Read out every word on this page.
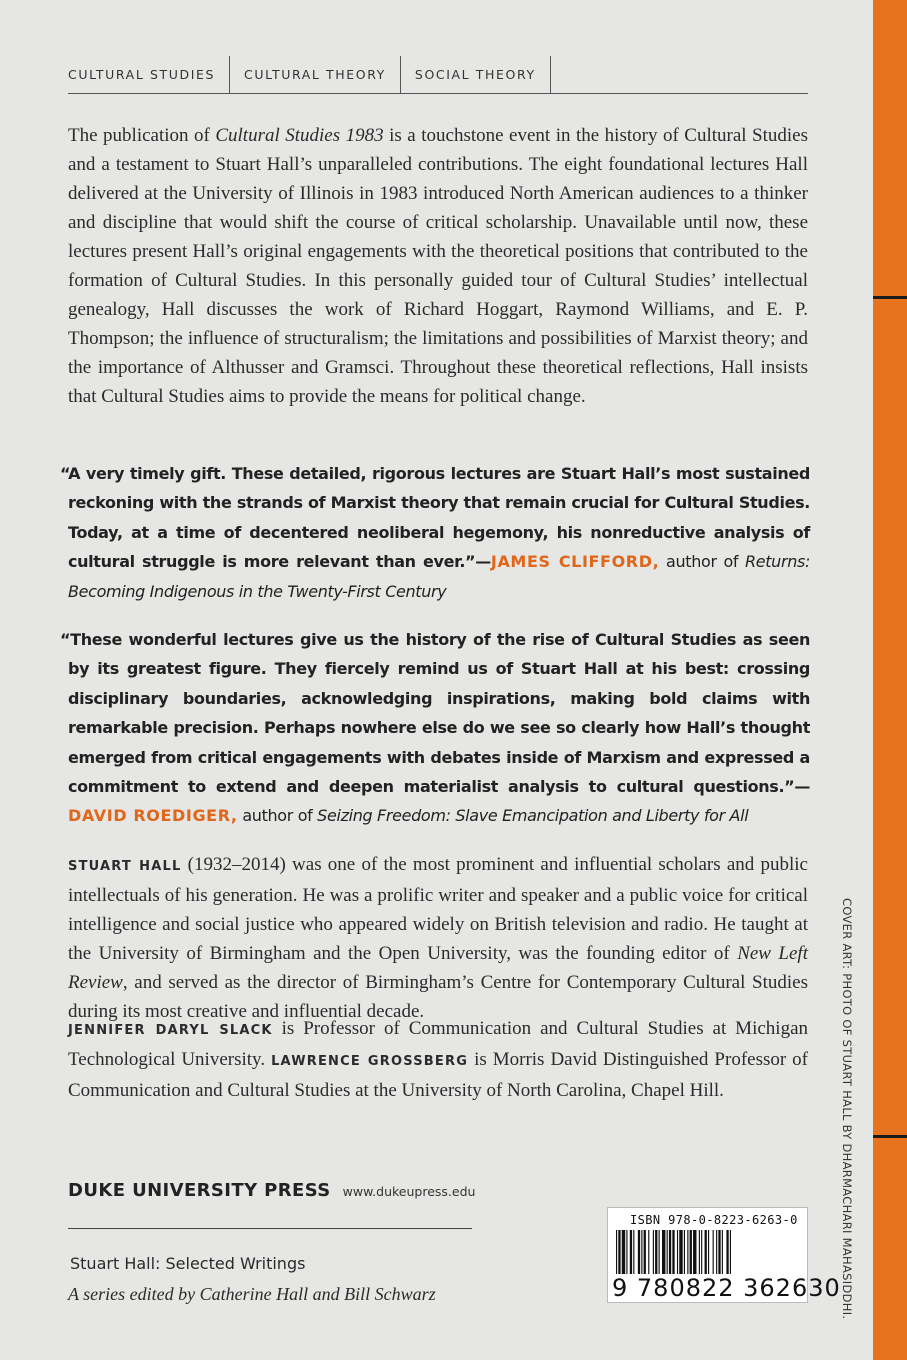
COVER ART: PHOTO OF STUART HALL BY DHARMACHARI MAHASIDDHI.
CULTURAL STUDIES	CULTURAL THEORY	SOCIAL THEORY

The publication of Cultural Studies 1983 is a touchstone event in the history of Cultural Studies and a testament to Stuart Hall’s unparalleled contributions. The eight foundational lectures Hall delivered at the University of Illinois in 1983 introduced North American audiences to a thinker and discipline that would shift the course of critical scholarship. Unavailable until now, these lectures present Hall’s original engagements with the theoretical positions that contributed to the formation of Cultural Studies. In this personally guided tour of Cultural Studies’ intellectual genealogy, Hall discusses the work of Richard Hoggart, Raymond Williams, and E. P. Thompson; the influence of structuralism; the limitations and possibilities of Marxist theory; and the importance of Althusser and Gramsci. Throughout these theoretical reflections, Hall insists that Cultural Studies aims to provide the means for political change.

“A very timely gift. These detailed, rigorous lectures are Stuart Hall’s most sustained reckoning with the strands of Marxist theory that remain crucial for Cultural Studies. Today, at a time of decentered neoliberal hegemony, his nonreductive analysis of cultural struggle is more relevant than ever.”—JAMES CLIFFORD, author of Returns: Becoming Indigenous in the Twenty-First Century

“These wonderful lectures give us the history of the rise of Cultural Studies as seen by its greatest figure. They fiercely remind us of Stuart Hall at his best: crossing disciplinary boundaries, acknowledging inspirations, making bold claims with remarkable precision. Perhaps nowhere else do we see so clearly how Hall’s thought emerged from critical engagements with debates inside of Marxism and expressed a commitment to extend and deepen materialist analysis to cultural questions.”—DAVID ROEDIGER, author of Seizing Freedom: Slave Emancipation and Liberty for All

STUART HALL (1932–2014) was one of the most prominent and influential scholars and public intellectuals of his generation. He was a prolific writer and speaker and a public voice for critical intelligence and social justice who appeared widely on British television and radio. He taught at the University of Birmingham and the Open University, was the founding editor of New Left Review, and served as the director of Birmingham’s Centre for Contemporary Cultural Studies during its most creative and influential decade.

JENNIFER DARYL SLACK is Professor of Communication and Cultural Studies at Michigan Technological University. LAWRENCE GROSSBERG is Morris David Distinguished Professor of Communication and Cultural Studies at the University of North Carolina, Chapel Hill.

DUKE UNIVERSITY PRESS www.dukeupress.edu
Stuart Hall: Selected Writings
A series edited by Catherine Hall and Bill Schwarz
ISBN 978-0-8223-6263-0
9 780822 362630
